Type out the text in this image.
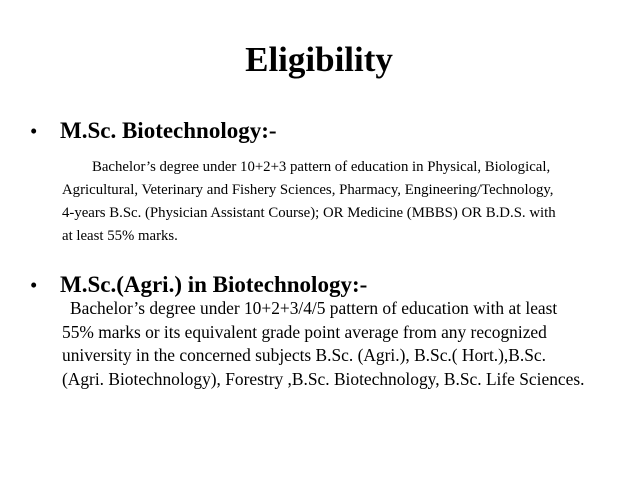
Eligibility
• M.Sc. Biotechnology:-
Bachelor’s degree under 10+2+3 pattern of education in Physical, Biological,
Agricultural, Veterinary and Fishery Sciences, Pharmacy, Engineering/Technology,
4-years B.Sc. (Physician Assistant Course); OR Medicine (MBBS) OR B.D.S. with
at least 55% marks.
• M.Sc.(Agri.) in Biotechnology:-
Bachelor’s degree under 10+2+3/4/5 pattern of education with at least
55% marks or its equivalent grade point average from any recognized
university in the concerned subjects B.Sc. (Agri.), B.Sc.( Hort.),B.Sc.
(Agri. Biotechnology), Forestry ,B.Sc. Biotechnology, B.Sc. Life Sciences.
